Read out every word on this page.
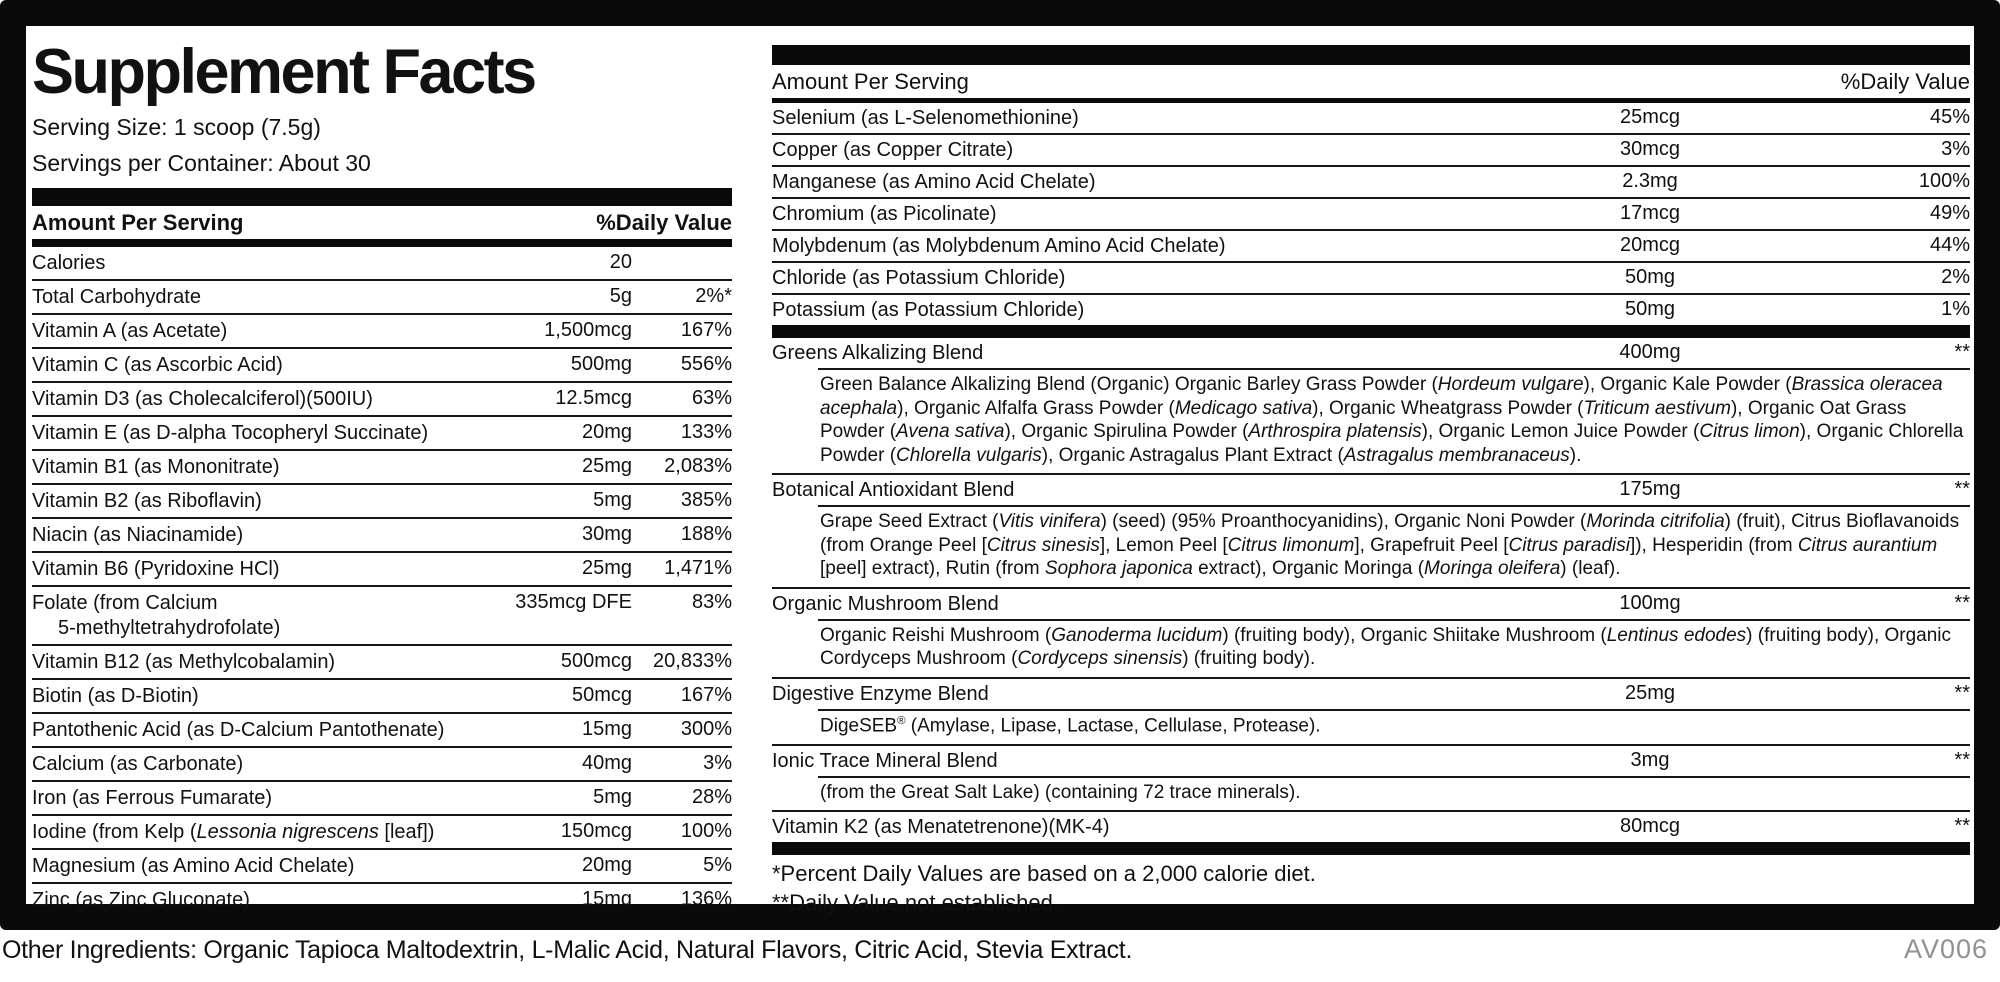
Supplement Facts
Serving Size: 1 scoop (7.5g)
Servings per Container: About 30
Amount Per Serving	%Daily Value
Calories	20
Total Carbohydrate	5g	2%*
Vitamin A (as Acetate)	1,500mcg	167%
Vitamin C (as Ascorbic Acid)	500mg	556%
Vitamin D3 (as Cholecalciferol)(500IU)	12.5mcg	63%
Vitamin E (as D-alpha Tocopheryl Succinate)	20mg	133%
Vitamin B1 (as Mononitrate)	25mg	2,083%
Vitamin B2 (as Riboflavin)	5mg	385%
Niacin (as Niacinamide)	30mg	188%
Vitamin B6 (Pyridoxine HCl)	25mg	1,471%
Folate (from Calcium
5-methyltetrahydrofolate)
335mcg DFE	83%
Vitamin B12 (as Methylcobalamin)	500mcg	20,833%
Biotin (as D-Biotin)	50mcg	167%
Pantothenic Acid (as D-Calcium Pantothenate)	15mg	300%
Calcium (as Carbonate)	40mg	3%
Iron (as Ferrous Fumarate)	5mg	28%
Iodine (from Kelp (Lessonia nigrescens [leaf])	150mcg	100%
Magnesium (as Amino Acid Chelate)	20mg	5%
Zinc (as Zinc Gluconate)	15mg	136%
Amount Per Serving	%Daily Value
Selenium (as L-Selenomethionine)	25mcg	45%
Copper (as Copper Citrate)	30mcg	3%
Manganese (as Amino Acid Chelate)	2.3mg	100%
Chromium (as Picolinate)	17mcg	49%
Molybdenum (as Molybdenum Amino Acid Chelate)	20mcg	44%
Chloride (as Potassium Chloride)	50mg	2%
Potassium (as Potassium Chloride)	50mg	1%
Greens Alkalizing Blend	400mg	**
Green Balance Alkalizing Blend (Organic) Organic Barley Grass Powder (Hordeum vulgare), Organic Kale Powder (Brassica oleracea acephala), Organic Alfalfa Grass Powder (Medicago sativa), Organic Wheatgrass Powder (Triticum aestivum), Organic Oat Grass Powder (Avena sativa), Organic Spirulina Powder (Arthrospira platensis), Organic Lemon Juice Powder (Citrus limon), Organic Chlorella Powder (Chlorella vulgaris), Organic Astragalus Plant Extract (Astragalus membranaceus).
Botanical Antioxidant Blend	175mg	**
Grape Seed Extract (Vitis vinifera) (seed) (95% Proanthocyanidins), Organic Noni Powder (Morinda citrifolia) (fruit), Citrus Bioflavanoids (from Orange Peel [Citrus sinesis], Lemon Peel [Citrus limonum], Grapefruit Peel [Citrus paradisi]), Hesperidin (from Citrus aurantium [peel] extract), Rutin (from Sophora japonica extract), Organic Moringa (Moringa oleifera) (leaf).
Organic Mushroom Blend	100mg	**
Organic Reishi Mushroom (Ganoderma lucidum) (fruiting body), Organic Shiitake Mushroom (Lentinus edodes) (fruiting body), Organic Cordyceps Mushroom (Cordyceps sinensis) (fruiting body).
Digestive Enzyme Blend	25mg	**
DigeSEB® (Amylase, Lipase, Lactase, Cellulase, Protease).
Ionic Trace Mineral Blend	3mg	**
(from the Great Salt Lake) (containing 72 trace minerals).
Vitamin K2 (as Menatetrenone)(MK-4)	80mcg	**
*Percent Daily Values are based on a 2,000 calorie diet.
**Daily Value not established.
Other Ingredients: Organic Tapioca Maltodextrin, L-Malic Acid, Natural Flavors, Citric Acid, Stevia Extract.	AV006
